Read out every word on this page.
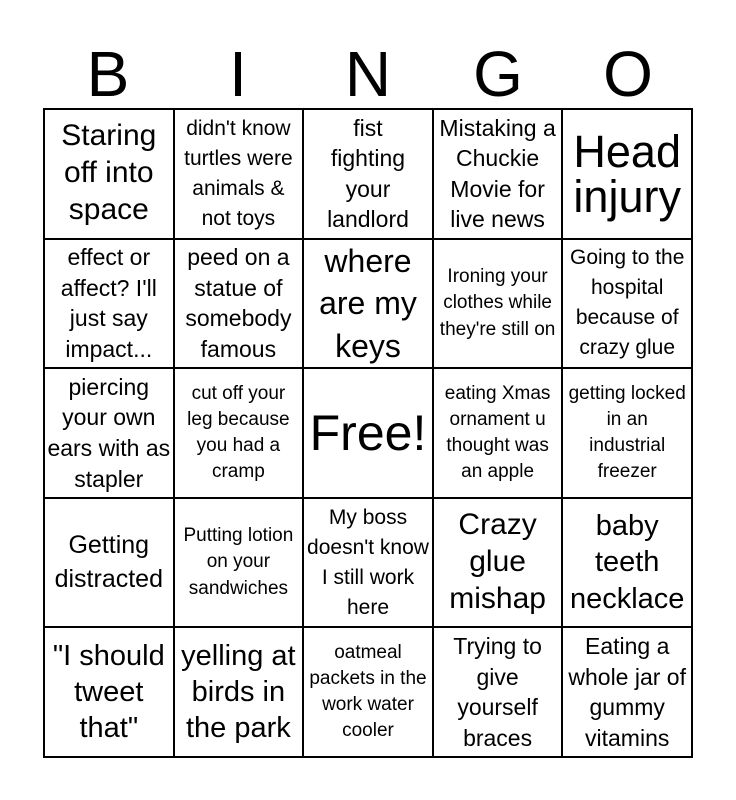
B	I	N	G	O
Staring off into space
didn't know turtles were animals & not toys
fist fighting your landlord
Mistaking a Chuckie Movie for live news
Head injury
effect or affect? I'll just say impact...
peed on a statue of somebody famous
where are my keys
Ironing your clothes while they're still on
Going to the hospital because of crazy glue
piercing your own ears with as stapler
cut off your leg because you had a cramp
Free!
eating Xmas ornament u thought was an apple
getting locked in an industrial freezer
Getting distracted
Putting lotion on your sandwiches
My boss doesn't know I still work here
Crazy glue mishap
baby teeth necklace
"I should tweet that"
yelling at birds in the park
oatmeal packets in the work water cooler
Trying to give yourself braces
Eating a whole jar of gummy vitamins
